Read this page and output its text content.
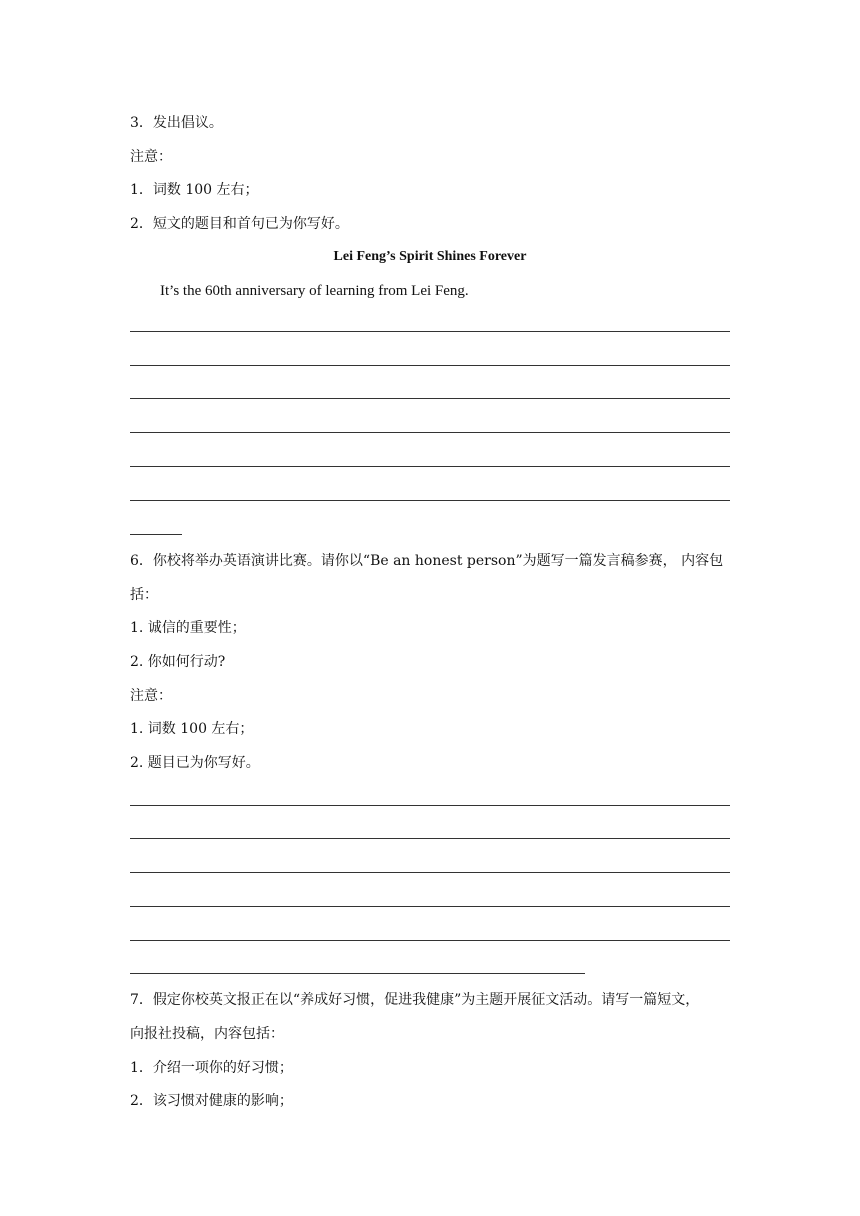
3．发出倡议。
注意：
1．词数 100 左右；
2．短文的题目和首句已为你写好。
Lei Feng’s Spirit Shines Forever
It’s the 60th anniversary of learning from Lei Feng.
6．你校将举办英语演讲比赛。请你以“Be an honest person”为题写一篇发言稿参赛， 内容包
括：
1. 诚信的重要性；
2. 你如何行动?
注意：
1. 词数 100 左右；
2. 题目已为你写好。
7．假定你校英文报正在以“养成好习惯，促进我健康”为主题开展征文活动。请写一篇短文，
向报社投稿，内容包括：
1．介绍一项你的好习惯；
2．该习惯对健康的影响；
